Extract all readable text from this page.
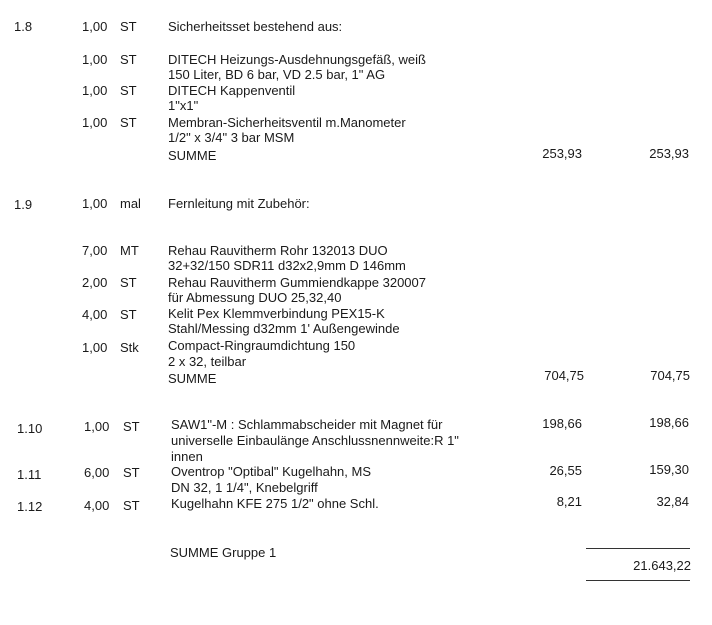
1.8	1,00 ST Sicherheitsset bestehend aus:
1,00 ST DITECH Heizungs-Ausdehnungsgefäß, weiß
150 Liter, BD 6 bar, VD 2.5 bar, 1" AG
1,00 ST DITECH Kappenventil
1"x1"
1,00 ST Membran-Sicherheitsventil m.Manometer
1/2" x 3/4" 3 bar MSM
SUMME	253,93	253,93
1.9	1,00 mal Fernleitung mit Zubehör:
7,00 MT Rehau Rauvitherm Rohr 132013 DUO
32+32/150 SDR11 d32x2,9mm D 146mm
2,00 ST Rehau Rauvitherm Gummiendkappe 320007
für Abmessung DUO 25,32,40
4,00 ST Kelit Pex Klemmverbindung PEX15-K
Stahl/Messing d32mm 1' Außengewinde
1,00 Stk Compact-Ringraumdichtung 150
2 x 32, teilbar
SUMME	704,75	704,75
1.10	1,00 ST SAW1"-M : Schlammabscheider mit Magnet für
universelle Einbaulänge Anschlussnennweite:R 1"
innen
198,66	198,66
1.11	6,00 ST Oventrop "Optibal" Kugelhahn, MS
DN 32, 1 1/4", Knebelgriff
26,55	159,30
1.12	4,00 ST Kugelhahn KFE 275 1/2" ohne Schl.	8,21	32,84
SUMME Gruppe 1
21.643,22
